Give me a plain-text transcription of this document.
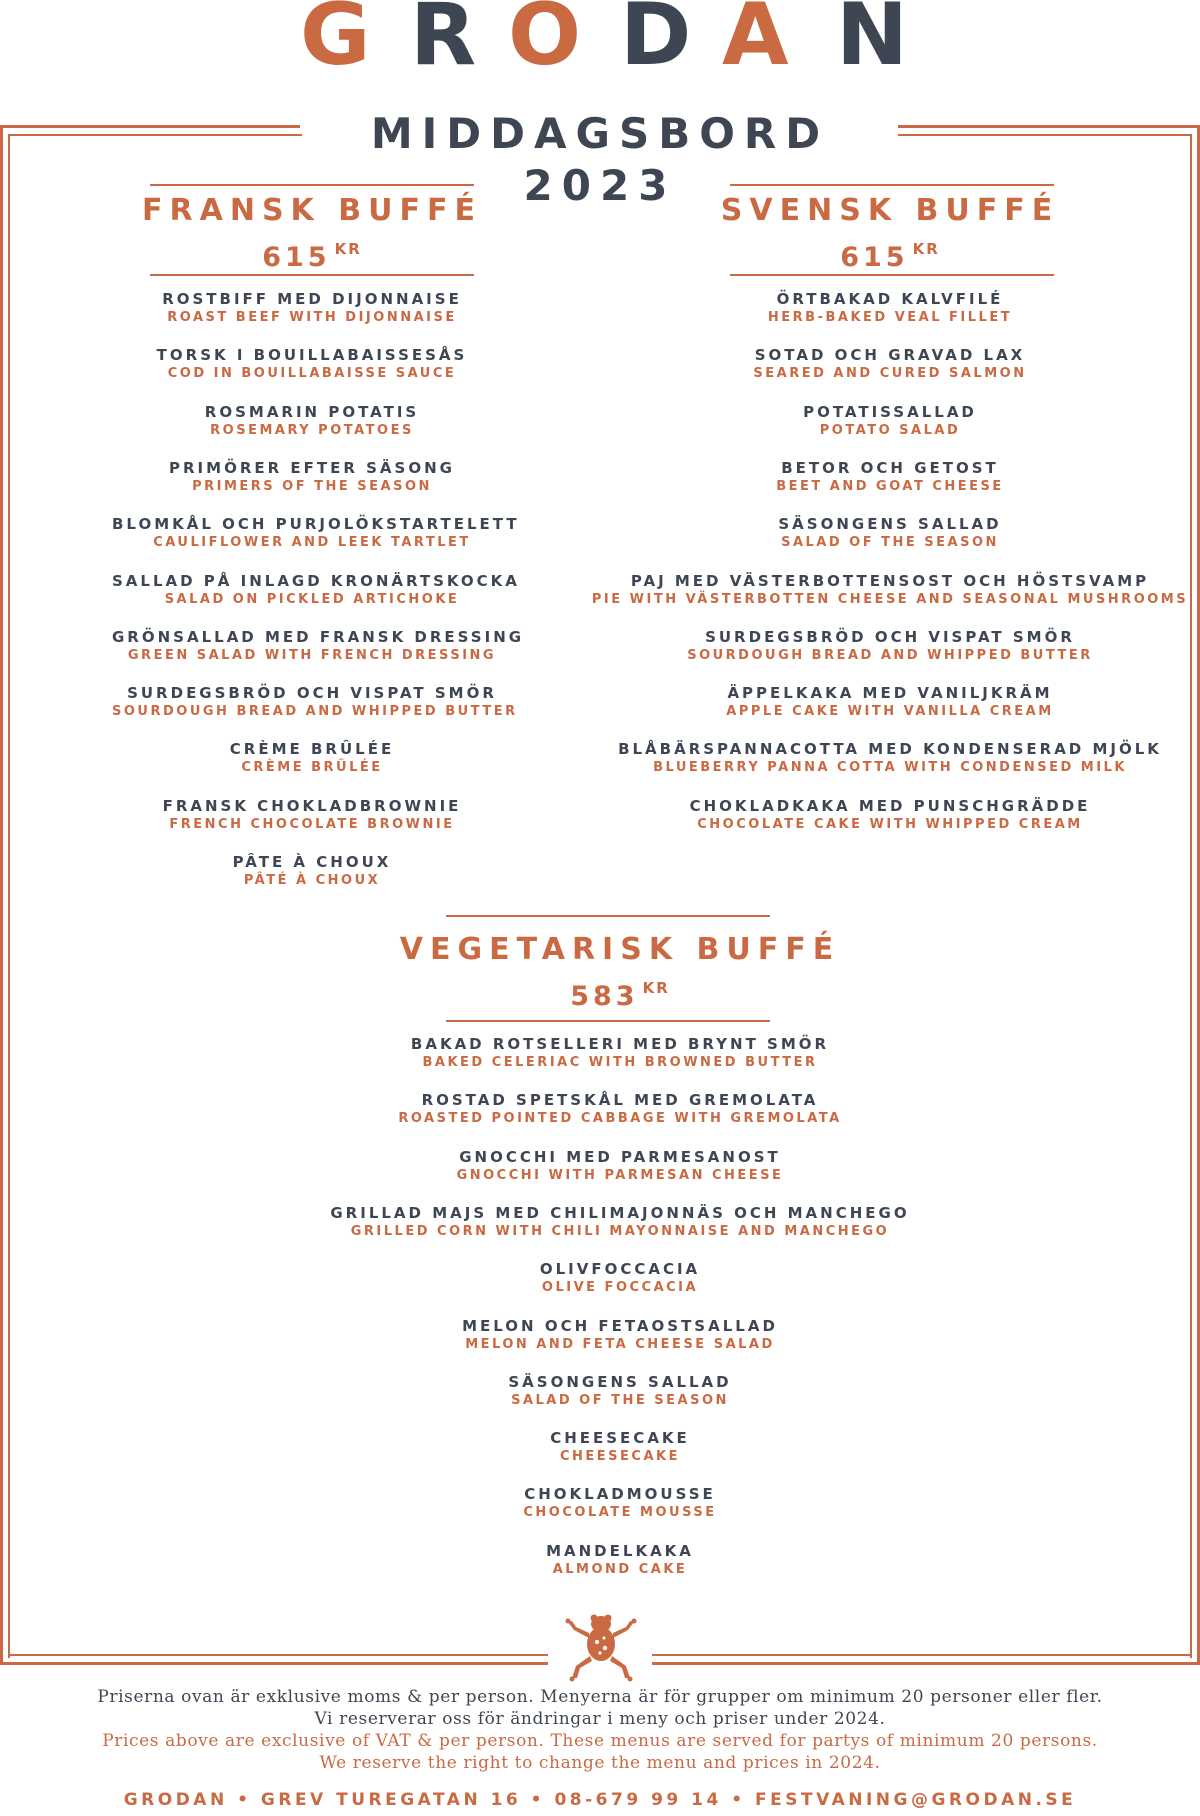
G R O D A N
MIDDAGSBORD 2023
FRANSK BUFFÉ
615 $^{KR}$
ROSTBIFF MED DIJONNAISE
ROAST BEEF WITH DIJONNAISE
TORSK I BOUILLABAISSESÅS
COD IN BOUILLABAISSE SAUCE
ROSMARIN POTATIS
ROSEMARY POTATOES
PRIMÖRER EFTER SÄSONG
PRIMERS OF THE SEASON
BLOMKÅL OCH PURJOLÖKSTARTELETT
CAULIFLOWER AND LEEK TARTLET
SALLAD PÅ INLAGD KRONÄRTSKOCKA
SALAD ON PICKLED ARTICHOKE
GRÖNSALLAD MED FRANSK DRESSING
GREEN SALAD WITH FRENCH DRESSING
SURDEGSBRÖD OCH VISPAT SMÖR
SOURDOUGH BREAD AND WHIPPED BUTTER
CRÈME BRÛLÉE
CRÈME BRÛLÉE
FRANSK CHOKLADBROWNIE
FRENCH CHOCOLATE BROWNIE
PÂTE À CHOUX
PÂTÉ À CHOUX
SVENSK BUFFÉ
615 $^{KR}$
ÖRTBAKAD KALVFILÉ
HERB-BAKED VEAL FILLET
SOTAD OCH GRAVAD LAX
SEARED AND CURED SALMON
POTATISSALLAD
POTATO SALAD
BETOR OCH GETOST
BEET AND GOAT CHEESE
SÄSONGENS SALLAD
SALAD OF THE SEASON
PAJ MED VÄSTERBOTTENSOST OCH HÖSTSVAMP
PIE WITH VÄSTERBOTTEN CHEESE AND SEASONAL MUSHROOMS
SURDEGSBRÖD OCH VISPAT SMÖR
SOURDOUGH BREAD AND WHIPPED BUTTER
ÄPPELKAKA MED VANILJKRÄM
APPLE CAKE WITH VANILLA CREAM
BLÅBÄRSPANNACOTTA MED KONDENSERAD MJÖLK
BLUEBERRY PANNA COTTA WITH CONDENSED MILK
CHOKLADKAKA MED PUNSCHGRÄDDE
CHOCOLATE CAKE WITH WHIPPED CREAM
VEGETARISK BUFFÉ
583 $^{KR}$
BAKAD ROTSELLERI MED BRYNT SMÖR
BAKED CELERIAC WITH BROWNED BUTTER
ROSTAD SPETSKÅL MED GREMOLATA
ROASTED POINTED CABBAGE WITH GREMOLATA
GNOCCHI MED PARMESANOST
GNOCCHI WITH PARMESAN CHEESE
GRILLAD MAJS MED CHILIMAJONNÄS OCH MANCHEGO
GRILLED CORN WITH CHILI MAYONNAISE AND MANCHEGO
OLIVFOCCACIA
OLIVE FOCCACIA
MELON OCH FETAOSTSALLAD
MELON AND FETA CHEESE SALAD
SÄSONGENS SALLAD
SALAD OF THE SEASON
CHEESECAKE
CHEESECAKE
CHOKLADMOUSSE
CHOCOLATE MOUSSE
MANDELKAKA
ALMOND CAKE
Priserna ovan är exklusive moms & per person. Menyerna är för grupper om minimum 20 personer eller fler.
Vi reserverar oss för ändringar i meny och priser under 2024.
Prices above are exclusive of VAT & per person. These menus are served for partys of minimum 20 persons.
We reserve the right to change the menu and prices in 2024.
GRODAN • GREV TUREGATAN 16 • 08-679 99 14 • FESTVANING@GRODAN.SE
